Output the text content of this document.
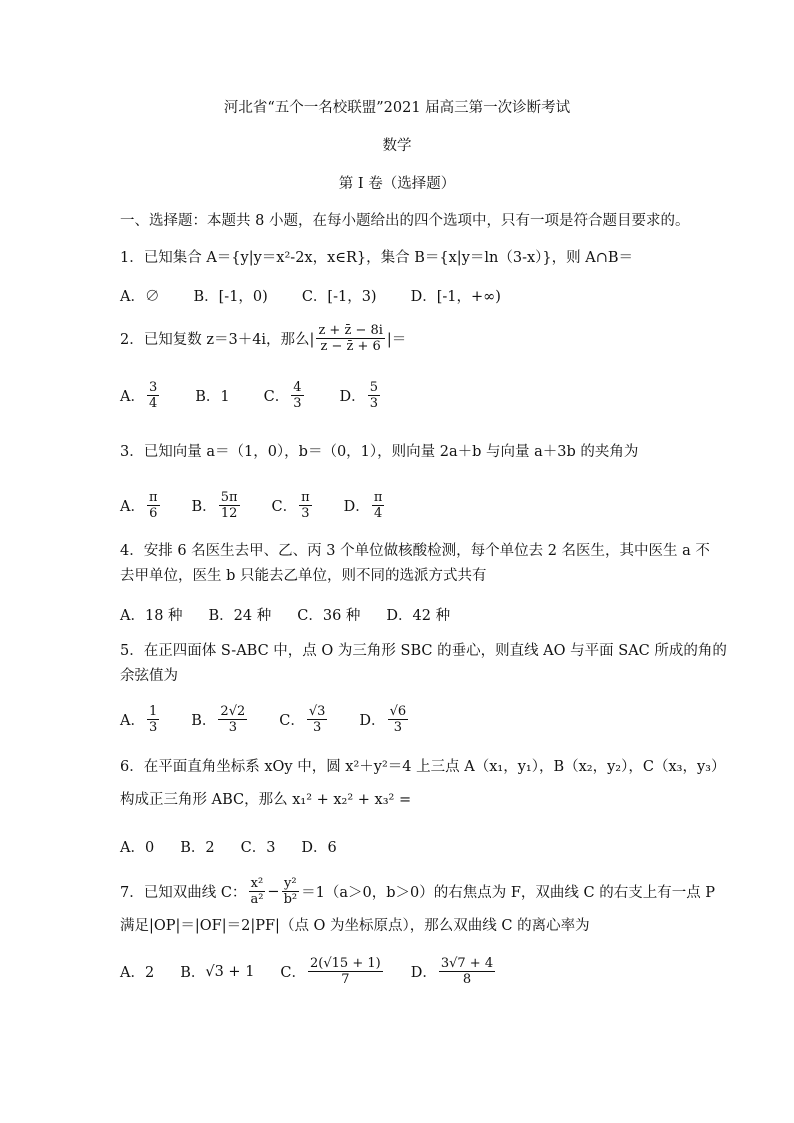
河北省“五个一名校联盟”2021 届高三第一次诊断考试
数学
第 I 卷（选择题）
一、选择题：本题共 8 小题，在每小题给出的四个选项中，只有一项是符合题目要求的。
1．已知集合 A＝{y|y＝x²-2x，x∈R}，集合 B＝{x|y＝ln（3-x）}，则 A∩B＝
A．∅ B．[-1，0) C．[-1，3) D．[-1，+∞)
2．已知复数 z＝3＋4i，那么| $\frac{z + z̄ - 8i}{z - z̄ + 6}$ |＝
A． $\frac{3}{4}$ B．1 C． $\frac{4}{3}$ D． $\frac{5}{3}$
3．已知向量 a＝（1，0），b＝（0，1），则向量 2a＋b 与向量 a＋3b 的夹角为
A． $\frac{\pi}{6}$ B． $\frac{5\pi}{12}$ C． $\frac{\pi}{3}$ D． $\frac{\pi}{4}$
4．安排 6 名医生去甲、乙、丙 3 个单位做核酸检测，每个单位去 2 名医生，其中医生 a 不
去甲单位，医生 b 只能去乙单位，则不同的选派方式共有
A．18 种 B．24 种 C．36 种 D．42 种
5．在正四面体 S-ABC 中，点 O 为三角形 SBC 的垂心，则直线 AO 与平面 SAC 所成的角的
余弦值为
A． $\frac{1}{3}$ B． $\frac{2√2}{3}$ C． $\frac{√3}{3}$ D． $\frac{√6}{3}$
6．在平面直角坐标系 xOy 中，圆 x²＋y²＝4 上三点 A（x₁，y₁），B（x₂，y₂），C（x₃，y₃）
构成正三角形 ABC，那么 x₁² + x₂² + x₃² =
A．0 B．2 C．3 D．6
7．已知双曲线 C： $\frac{\text{x²}}{\text{a²}} - \frac{\text{y²}}{\text{b²}} =1(a>0$，b＞0）的右焦点为 F，双曲线 C 的右支上有一点 P
满足|OP|＝|OF|＝2|PF|（点 O 为坐标原点），那么双曲线 C 的离心率为
A．2 B． √3 + 1 C． $\frac{2(√15 + 1)}{7}$ D． $\frac{3√7 + 4}{8}$
